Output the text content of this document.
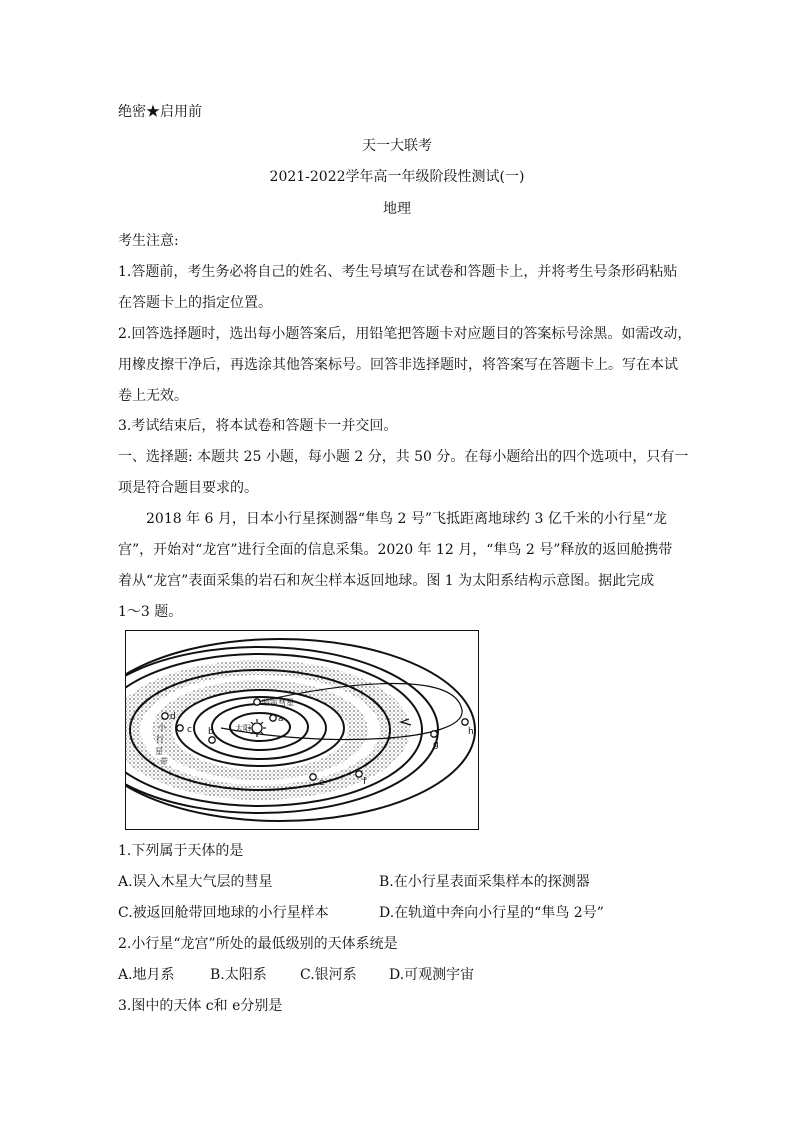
绝密★启用前
天一大联考
2021-2022学年高一年级阶段性测试(一)
地理
考生注意:
1.答题前，考生务必将自己的姓名、考生号填写在试卷和答题卡上，并将考生号条形码粘贴
在答题卡上的指定位置。
2.回答选择题时，选出每小题答案后，用铅笔把答题卡对应题目的答案标号涂黑。如需改动，
用橡皮擦干净后，再选涂其他答案标号。回答非选择题时，将答案写在答题卡上。写在本试
卷上无效。
3.考试结束后，将本试卷和答题卡一并交回。
一、选择题: 本题共 25 小题，每小题 2 分，共 50 分。在每小题给出的四个选项中，只有一
项是符合题目要求的。
2018 年 6 月，日本小行星探测器“隼鸟 2 号”飞抵距离地球约 3 亿千米的小行星“龙
宫”，开始对“龙宫”进行全面的信息采集。2020 年 12 月，“隼鸟 2 号”释放的返回舱携带
着从“龙宫”表面采集的岩石和灰尘样本返回地球。图 1 为太阳系结构示意图。据此完成
1～3 题。
太阳
a
b
c
d
e	f
g
h
哈雷彗星
小
行
星
带
1.下列属于天体的是
A.误入木星大气层的彗星	B.在小行星表面采集样本的探测器
C.被返回舱带回地球的小行星样本	D.在轨道中奔向小行星的“隼鸟 2号”
2.小行星“龙宫”所处的最低级别的天体系统是
A.地月系	B.太阳系 C.银河系 D.可观测宇宙
3.图中的天体 c和 e分别是
